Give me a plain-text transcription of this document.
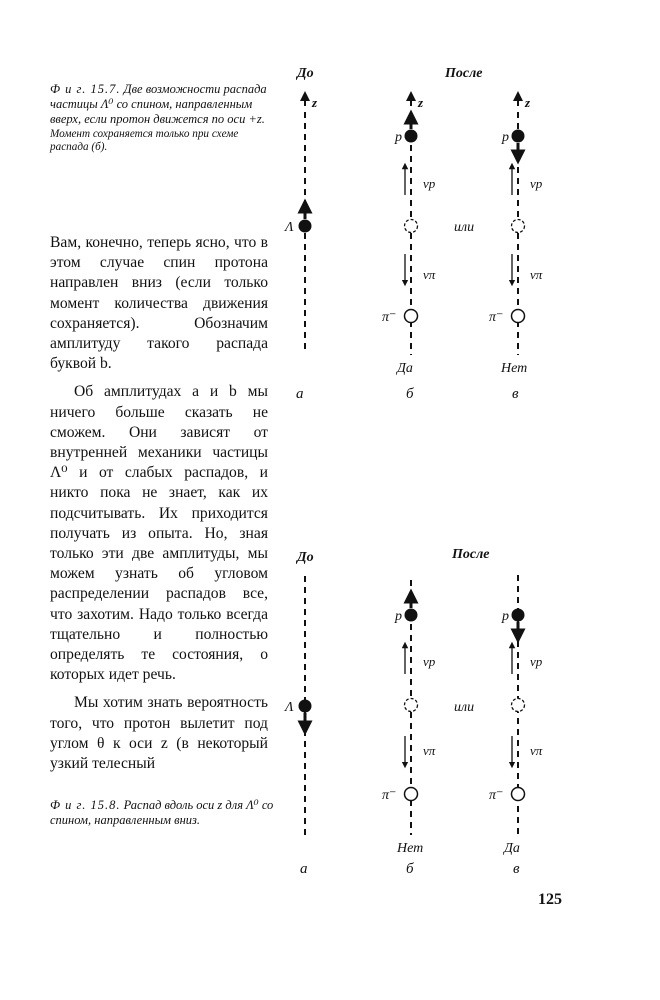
Ф и г. 15.7. Две возможности распада частицы Λ⁰ со спином, направленным вверх, если протон движется по оси +z.
Момент сохраняется только при схеме распада (б).

Ф и г. 15.8. Распад вдоль оси z для Λ⁰ со спином, направленным вниз.

Вам, конечно, теперь ясно, что в этом случае спин протона направлен вниз (если только момент количества движения сохраняется). Обозначим амплитуду такого распада буквой b.

Об амплитудах a и b мы ничего больше сказать не сможем. Они зависят от внутренней механики частицы Λ⁰ и от слабых распадов, и никто пока не знает, как их подсчитывать. Их приходится получать из опыта. Но, зная только эти две амплитуды, мы можем узнать об угловом распределении распадов все, что захотим. Надо только всегда тщательно и полностью определять те состояния, о которых идет речь.

Мы хотим знать вероятность того, что протон вылетит под углом θ к оси z (в некоторый узкий телесный

125

До	После
z
Λ
а
z
p
vp
vπ
π⁻
Да
б
или
z
p
vp
vπ
π⁻
Нет
в
До	После
Λ
а
p
vp
vπ
π⁻
Нет
б
или
p
vp
vπ
π⁻
Да
в
